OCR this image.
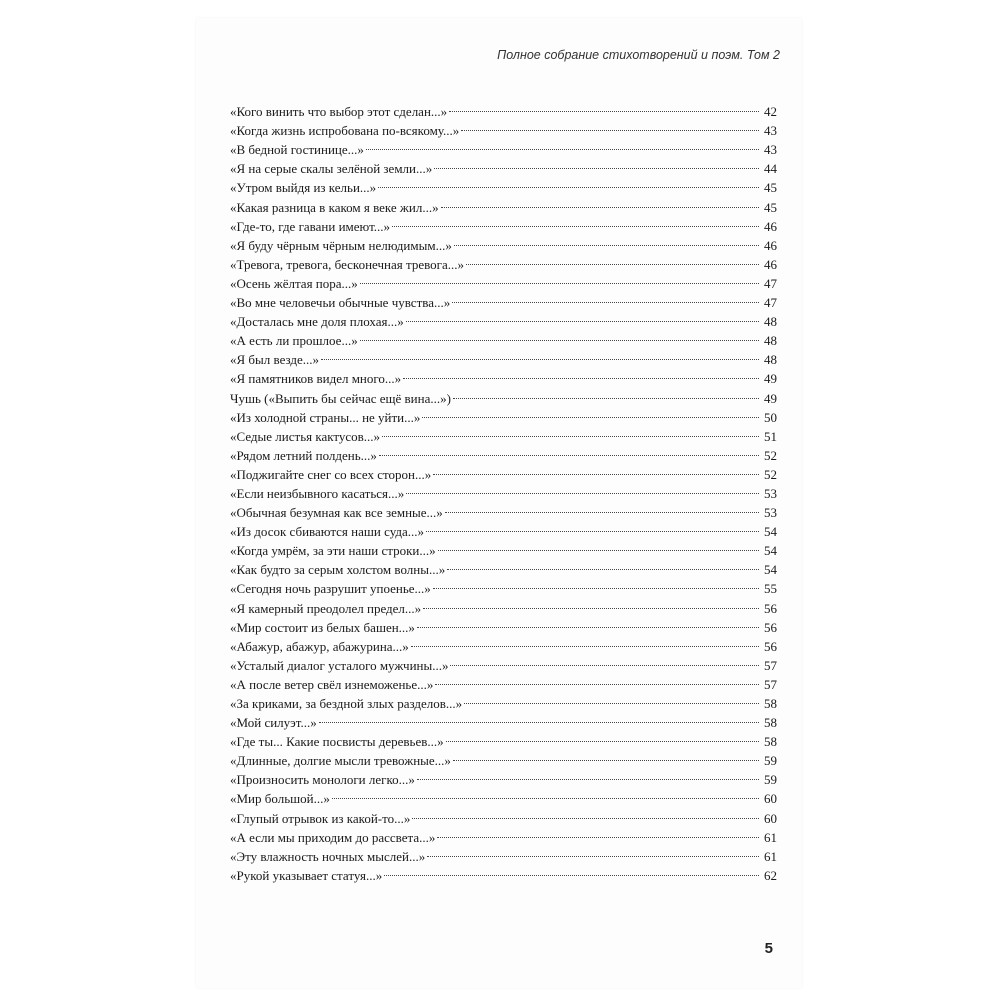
Полное собрание стихотворений и поэм. Том 2
«Кого винить что выбор этот сделан...»	42
«Когда жизнь испробована по-всякому...»	43
«В бедной гостинице...»	43
«Я на серые скалы зелёной земли...»	44
«Утром выйдя из кельи...»	45
«Какая разница в каком я веке жил...»	45
«Где-то, где гавани имеют...»	46
«Я буду чёрным чёрным нелюдимым...»	46
«Тревога, тревога, бесконечная тревога...»	46
«Осень жёлтая пора...»	47
«Во мне человечьи обычные чувства...»	47
«Досталась мне доля плохая...»	48
«А есть ли прошлое...»	48
«Я был везде...»	48
«Я памятников видел много...»	49
Чушь («Выпить бы сейчас ещё вина...»)	49
«Из холодной страны... не уйти...»	50
«Седые листья кактусов...»	51
«Рядом летний полдень...»	52
«Поджигайте снег со всех сторон...»	52
«Если неизбывного касаться...»	53
«Обычная безумная как все земные...»	53
«Из досок сбиваются наши суда...»	54
«Когда умрём, за эти наши строки...»	54
«Как будто за серым холстом волны...»	54
«Сегодня ночь разрушит упоенье...»	55
«Я камерный преодолел предел...»	56
«Мир состоит из белых башен...»	56
«Абажур, абажур, абажурина...»	56
«Усталый диалог усталого мужчины...»	57
«А после ветер свёл изнеможенье...»	57
«За криками, за бездной злых разделов...»	58
«Мой силуэт...»	58
«Где ты... Какие посвисты деревьев...»	58
«Длинные, долгие мысли тревожные...»	59
«Произносить монологи легко...»	59
«Мир большой...»	60
«Глупый отрывок из какой-то...»	60
«А если мы приходим до рассвета...»	61
«Эту влажность ночных мыслей...»	61
«Рукой указывает статуя...»	62
5
